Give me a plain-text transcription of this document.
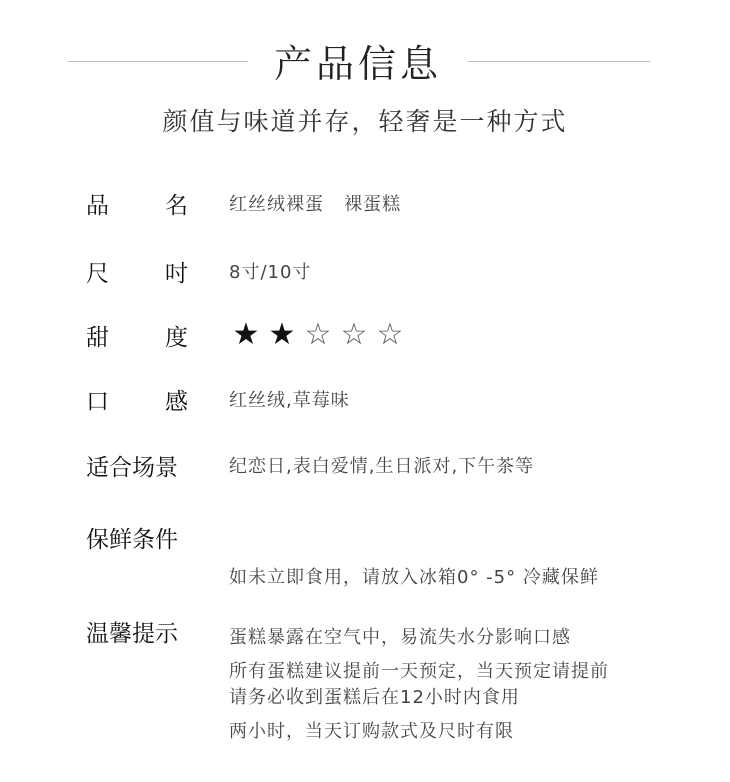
产品信息
颜值与味道并存，轻奢是一种方式
品 名 红丝绒裸蛋   裸蛋糕
尺 吋 8寸/10寸
甜 度 ★ ★ ☆ ☆ ☆
口 感 红丝绒,草莓味
适合场景	纪恋日,表白爱情,生日派对,下午茶等
保鲜条件

如未立即食用，请放入冰箱0° -5° 冷藏保鲜

蛋糕暴露在空气中，易流失水分影响口感

请务必收到蛋糕后在12小时内食用

温馨提示

所有蛋糕建议提前一天预定，当天预定请提前

两小时，当天订购款式及尺时有限
